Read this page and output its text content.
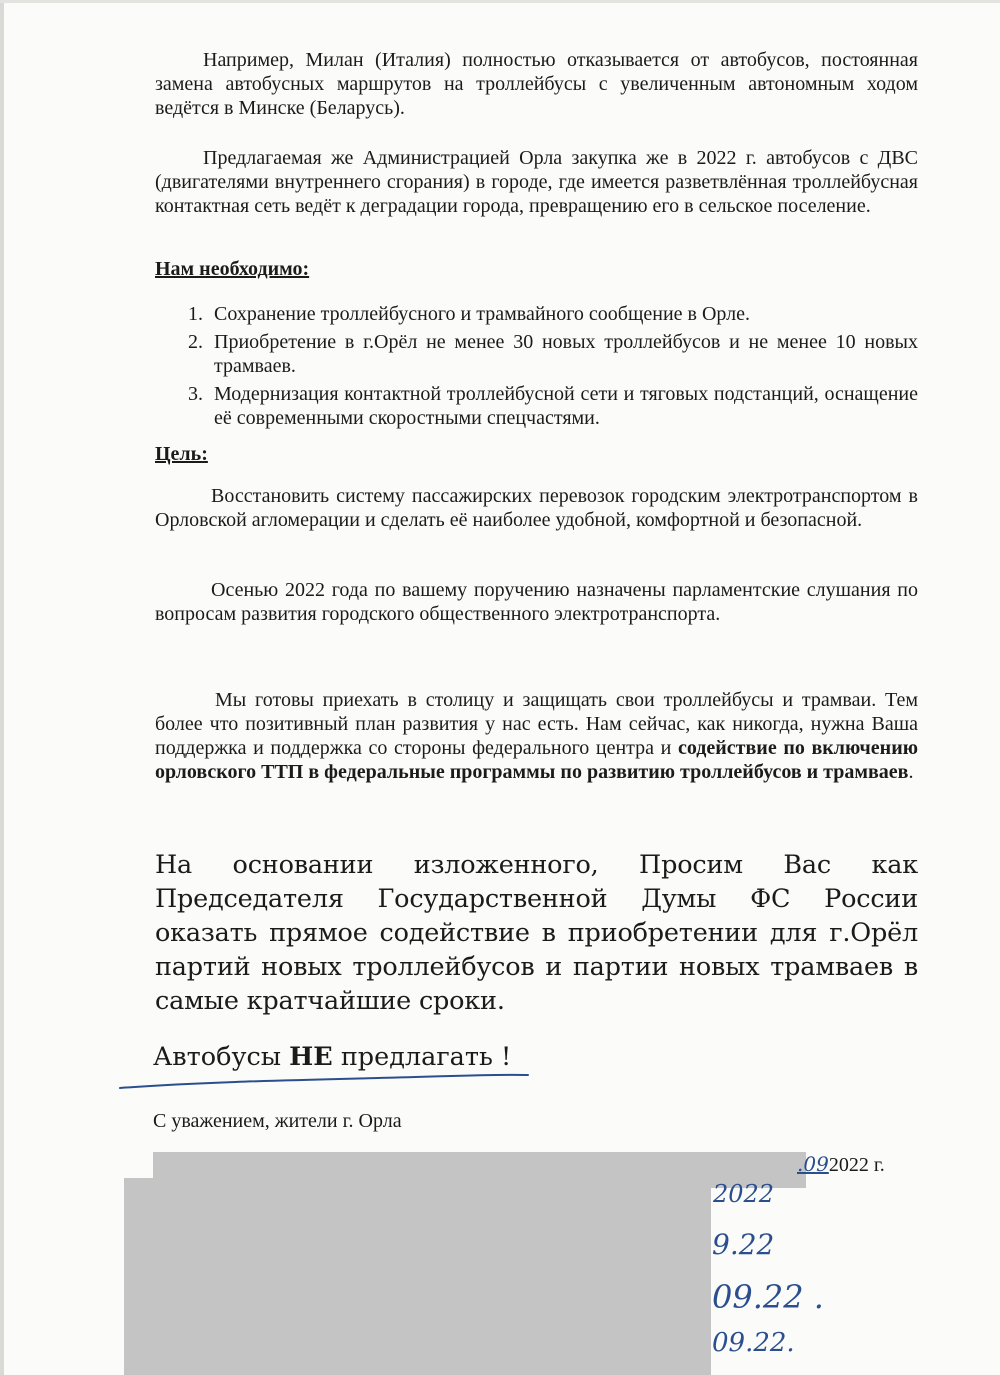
Например, Милан (Италия) полностью отказывается от автобусов, постоянная замена автобусных маршрутов на троллейбусы с увеличенным автономным ходом ведётся в Минске (Беларусь).

Предлагаемая же Администрацией Орла закупка же в 2022 г. автобусов с ДВС (двигателями внутреннего сгорания) в городе, где имеется разветвлённая троллейбусная контактная сеть ведёт к деградации города, превращению его в сельское поселение.

Нам необходимо:

1. Сохранение троллейбусного и трамвайного сообщение в Орле.
2. Приобретение в г.Орёл не менее 30 новых троллейбусов и не менее 10 новых трамваев.
3. Модернизация контактной троллейбусной сети и тяговых подстанций, оснащение её современными скоростными спецчастями.

Цель:

Восстановить систему пассажирских перевозок городским электротранспортом в Орловской агломерации и сделать её наиболее удобной, комфортной и безопасной.

Осенью 2022 года по вашему поручению назначены парламентские слушания по вопросам развития городского общественного электротранспорта.

Мы готовы приехать в столицу и защищать свои троллейбусы и трамваи. Тем более что позитивный план развития у нас есть. Нам сейчас, как никогда, нужна Ваша поддержка и поддержка со стороны федерального центра и содействие по включению орловского ТТП в федеральные программы по развитию троллейбусов и трамваев.

На основании изложенного, Просим Вас как Председателя Государственной Думы ФС России оказать прямое содействие в приобретении для г.Орёл партий новых троллейбусов и партии новых трамваев в самые кратчайшие сроки.

Автобусы НЕ предлагать !

С уважением, жители г. Орла

.092022 г.
2022
9.22
09.22 .
09.22.
